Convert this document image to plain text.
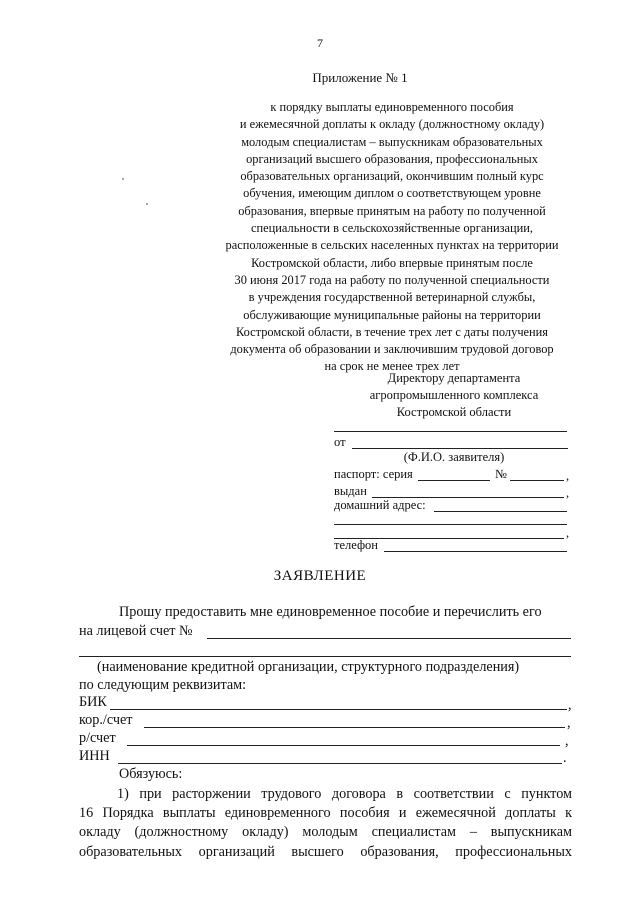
7
Приложение № 1
к порядку выплаты единовременного пособия
и ежемесячной доплаты к окладу (должностному окладу)
молодым специалистам – выпускникам образовательных
организаций высшего образования, профессиональных
образовательных организаций, окончившим полный курс
обучения, имеющим диплом о соответствующем уровне
образования, впервые принятым на работу по полученной
специальности в сельскохозяйственные организации,
расположенные в сельских населенных пунктах на территории
Костромской области, либо впервые принятым после
30 июня 2017 года на работу по полученной специальности
в учреждения государственной ветеринарной службы,
обслуживающие муниципальные районы на территории
Костромской области, в течение трех лет с даты получения
документа об образовании и заключившим трудовой договор
на срок не менее трех лет
Директору департамента
агропромышленного комплекса
Костромской области
от
(Ф.И.О. заявителя)
паспорт: серия	№	,
выдан	,
домашний адрес:
,
телефон
ЗАЯВЛЕНИЕ
Прошу предоставить мне единовременное пособие и перечислить его
на лицевой счет №
(наименование кредитной организации, структурного подразделения)
по следующим реквизитам:
БИК	,
кор./счет	,
р/счет	,
ИНН	.
Обязуюсь:
1) при расторжении трудового договора в соответствии с пунктом
16 Порядка выплаты единовременного пособия и ежемесячной доплаты к
окладу (должностному окладу) молодым специалистам – выпускникам
образовательных организаций высшего образования, профессиональных
